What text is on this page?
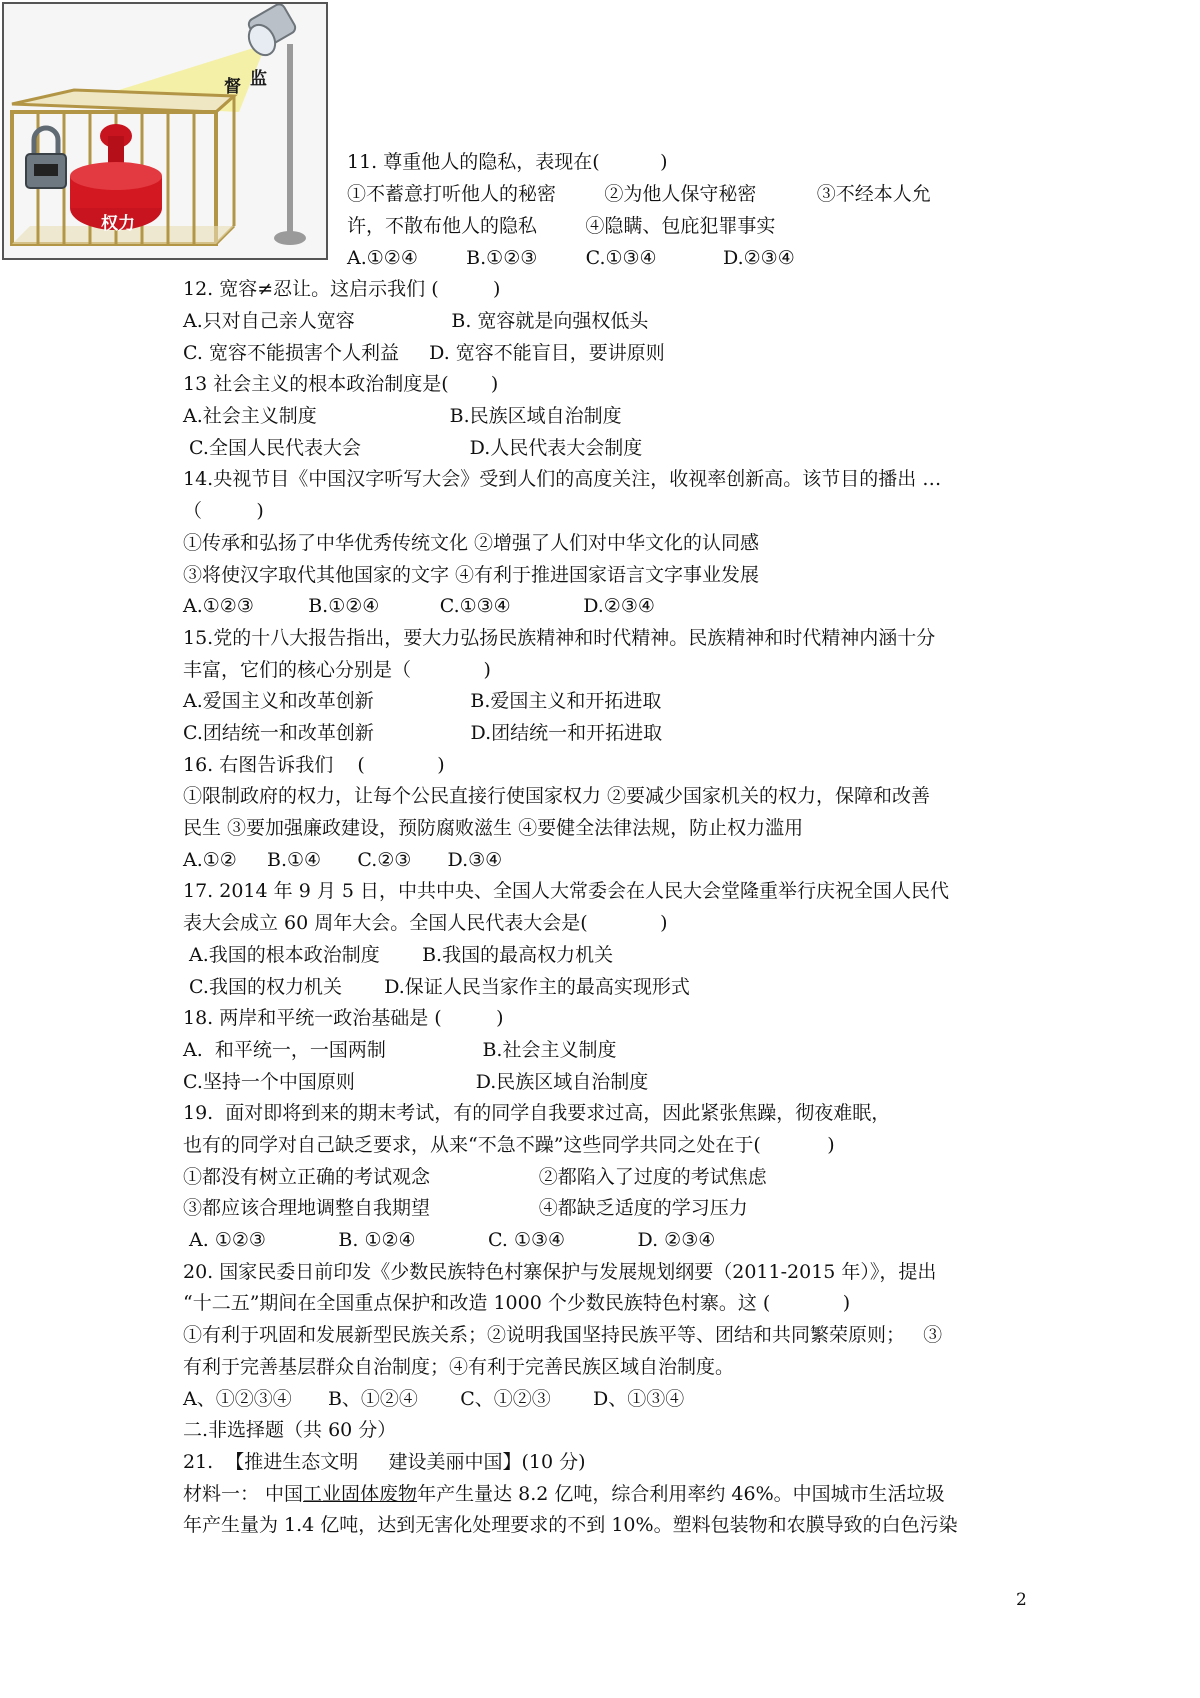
权力
监
督
11. 尊重他人的隐私，表现在(          )
①不蓄意打听他人的秘密        ②为他人保守秘密          ③不经本人允
许，不散布他人的隐私        ④隐瞒、包庇犯罪事实
A.①②④        B.①②③        C.①③④           D.②③④
12. 宽容≠忍让。这启示我们 (         )
A.只对自己亲人宽容                B. 宽容就是向强权低头
C. 宽容不能损害个人利益     D. 宽容不能盲目，要讲原则
13 社会主义的根本政治制度是(       )
A.社会主义制度                      B.民族区域自治制度
C.全国人民代表大会                  D.人民代表大会制度
14.央视节目《中国汉字听写大会》受到人们的高度关注，收视率创新高。该节目的播出 …
（         )
①传承和弘扬了中华优秀传统文化 ②增强了人们对中华文化的认同感
③将使汉字取代其他国家的文字 ④有利于推进国家语言文字事业发展
A.①②③         B.①②④          C.①③④            D.②③④
15.党的十八大报告指出，要大力弘扬民族精神和时代精神。民族精神和时代精神内涵十分
丰富，它们的核心分别是（            )
A.爱国主义和改革创新                B.爱国主义和开拓进取
C.团结统一和改革创新                D.团结统一和开拓进取
16. 右图告诉我们    (            )
①限制政府的权力，让每个公民直接行使国家权力 ②要减少国家机关的权力，保障和改善
民生 ③要加强廉政建设，预防腐败滋生 ④要健全法律法规，防止权力滥用
A.①②     B.①④      C.②③      D.③④
17. 2014 年 9 月 5 日，中共中央、全国人大常委会在人民大会堂隆重举行庆祝全国人民代
表大会成立 60 周年大会。全国人民代表大会是(            )
A.我国的根本政治制度       B.我国的最高权力机关
C.我国的权力机关       D.保证人民当家作主的最高实现形式
18. 两岸和平统一政治基础是 (         )
A.  和平统一，一国两制                B.社会主义制度
C.坚持一个中国原则                    D.民族区域自治制度
19.  面对即将到来的期末考试，有的同学自我要求过高，因此紧张焦躁，彻夜难眠，
也有的同学对自己缺乏要求，从来“不急不躁”这些同学共同之处在于(           )
①都没有树立正确的考试观念                  ②都陷入了过度的考试焦虑
③都应该合理地调整自我期望                  ④都缺乏适度的学习压力
A. ①②③            B. ①②④            C. ①③④            D. ②③④
20. 国家民委日前印发《少数民族特色村寨保护与发展规划纲要（2011-2015 年）》，提出
“十二五”期间在全国重点保护和改造 1000 个少数民族特色村寨。这 (            )
①有利于巩固和发展新型民族关系；②说明我国坚持民族平等、团结和共同繁荣原则；   ③
有利于完善基层群众自治制度；④有利于完善民族区域自治制度。
A、①②③④      B、①②④       C、①②③       D、①③④
二.非选择题（共 60 分）
21.  【推进生态文明     建设美丽中国】(10 分)
材料一： 中国工业固体废物年产生量达 8.2 亿吨，综合利用率约 46%。中国城市生活垃圾
年产生量为 1.4 亿吨，达到无害化处理要求的不到 10%。塑料包装物和农膜导致的白色污染
2
